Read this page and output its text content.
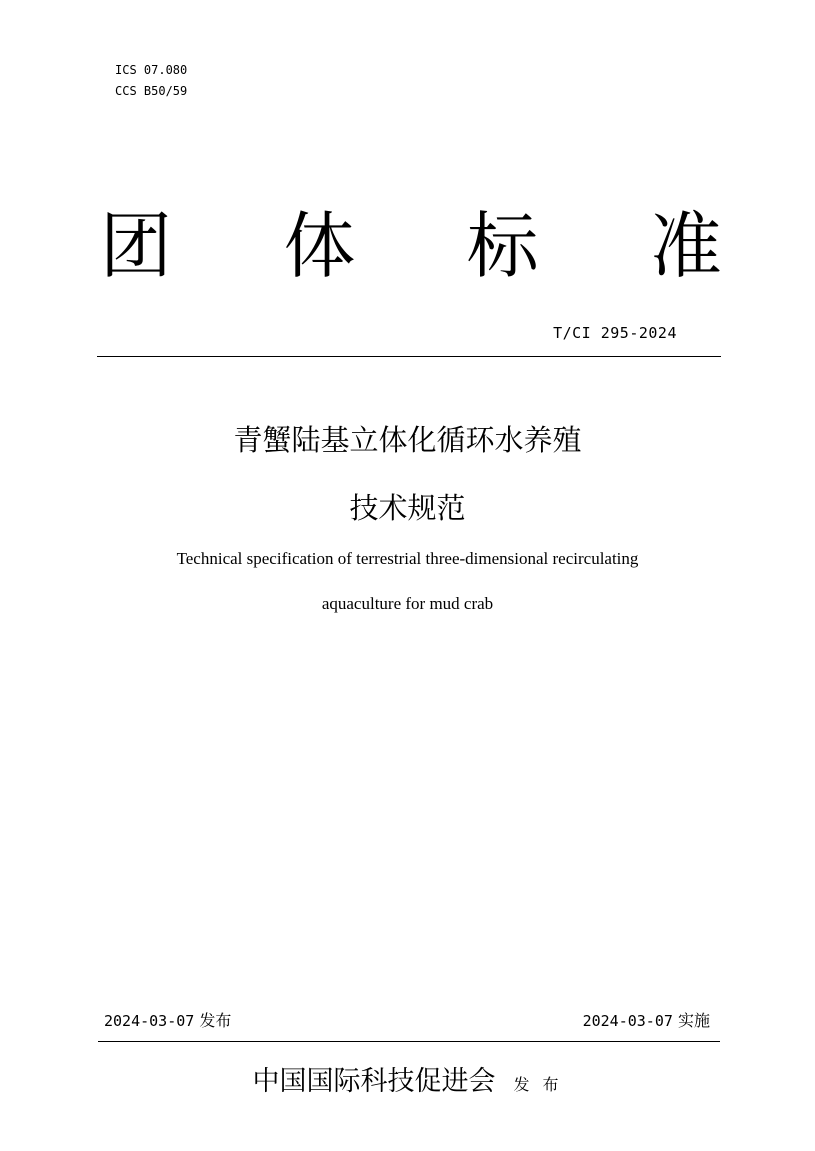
ICS 07.080
CCS B50/59
团 体 标 准
T/CI 295-2024
青蟹陆基立体化循环水养殖
技术规范
Technical specification of terrestrial three-dimensional recirculating
aquaculture for mud crab
2024-03-07 发布	2024-03-07 实施
中国国际科技促进会 发 布
